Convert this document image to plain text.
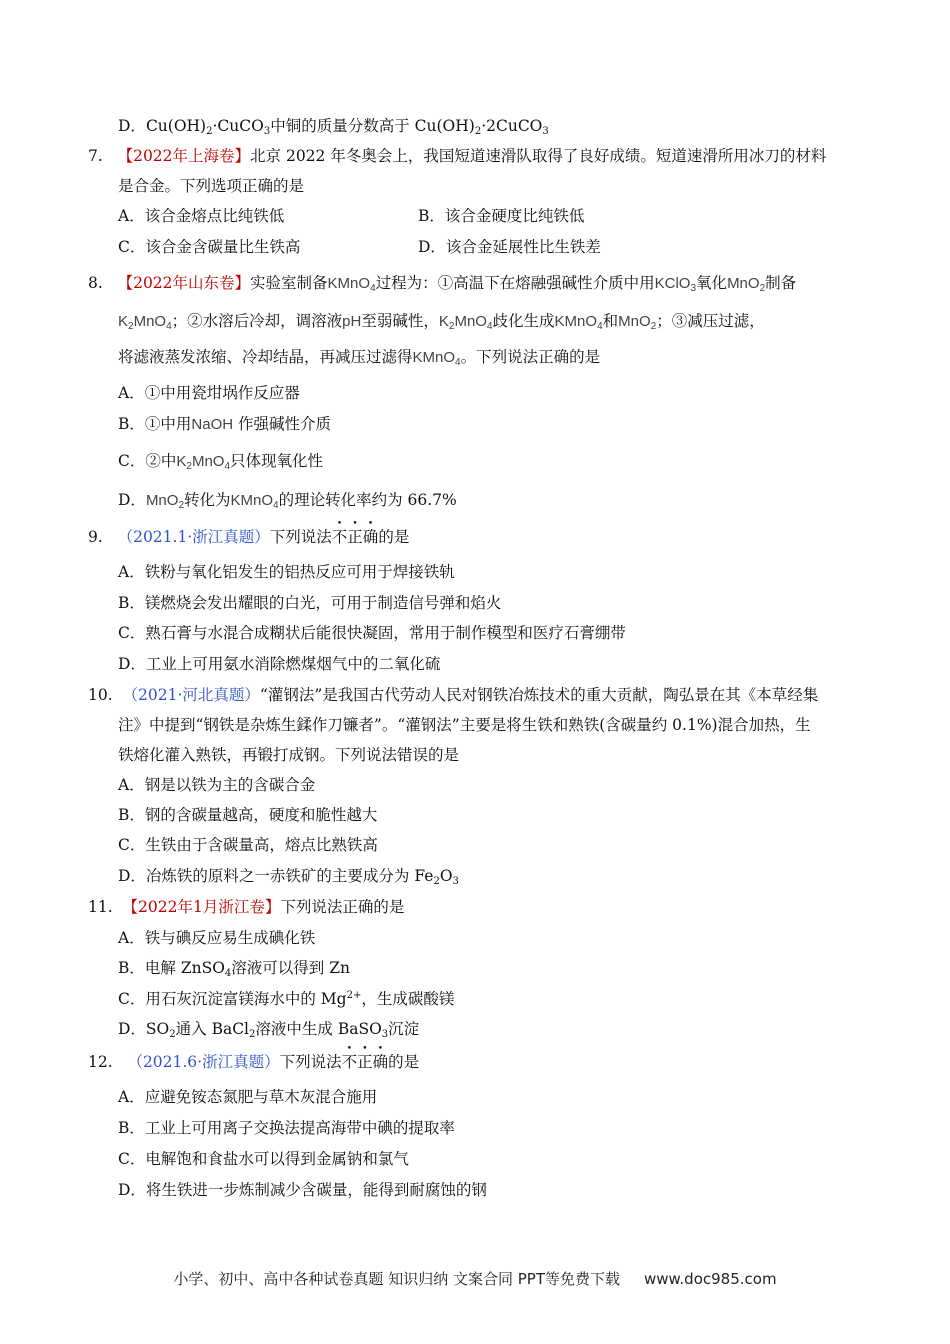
D．$Cu(OH)_2\cdot CuCO_3$中铜的质量分数高于 $Cu(OH)_2\cdot 2CuCO_3$
7. 【2022年上海卷】北京 2022 年冬奥会上，我国短道速滑队取得了良好成绩。短道速滑所用冰刀的材料
是合金。下列选项正确的是
A．该合金熔点比纯铁低	B．该合金硬度比纯铁低
C．该合金含碳量比生铁高	D．该合金延展性比生铁差
8. 【2022年山东卷】实验室制备KMnO$_4$过程为：①高温下在熔融强碱性介质中用KClO$_3$氧化MnO$_2$制备
$K_2MnO_4$；②水溶后冷却，调溶液pH至弱碱性，$K_2MnO_4$歧化生成KMnO$_4$和MnO$_2$；③减压过滤，
将滤液蒸发浓缩、冷却结晶，再减压过滤得KMnO$_4$。下列说法正确的是
A．①中用瓷坩埚作反应器
B．①中用NaOH 作强碱性介质
C．②中$K_2MnO_4$只体现氧化性
D．MnO$_2$转化为KMnO$_4$的理论转化率约为 66.7%
9. （2021.1·浙江真题）下列说法不正确的是
A．铁粉与氧化铝发生的铝热反应可用于焊接铁轨
B．镁燃烧会发出耀眼的白光，可用于制造信号弹和焰火
C．熟石膏与水混合成糊状后能很快凝固，常用于制作模型和医疗石膏绷带
D．工业上可用氨水消除燃煤烟气中的二氧化硫
10. （2021·河北真题）“灌钢法”是我国古代劳动人民对钢铁冶炼技术的重大贡献，陶弘景在其《本草经集
注》中提到“钢铁是杂炼生鍒作刀镰者”。“灌钢法”主要是将生铁和熟铁(含碳量约 0.1%)混合加热，生
铁熔化灌入熟铁，再锻打成钢。下列说法错误的是
A．钢是以铁为主的含碳合金
B．钢的含碳量越高，硬度和脆性越大
C．生铁由于含碳量高，熔点比熟铁高
D．冶炼铁的原料之一赤铁矿的主要成分为 $Fe_2O_3$
11. 【2022年1月浙江卷】下列说法正确的是
A．铁与碘反应易生成碘化铁
B．电解 ZnSO$_4$溶液可以得到 Zn
C．用石灰沉淀富镁海水中的 $Mg^{2+}$，生成碳酸镁
D．$SO_2$通入 BaCl$_2$溶液中生成 BaSO$_3$沉淀
12. （2021.6·浙江真题）下列说法不正确的是
A．应避免铵态氮肥与草木灰混合施用
B．工业上可用离子交换法提高海带中碘的提取率
C．电解饱和食盐水可以得到金属钠和氯气
D．将生铁进一步炼制减少含碳量，能得到耐腐蚀的钢
小学、初中、高中各种试卷真题 知识归纳 文案合同 PPT等免费下载 www.doc985.com
